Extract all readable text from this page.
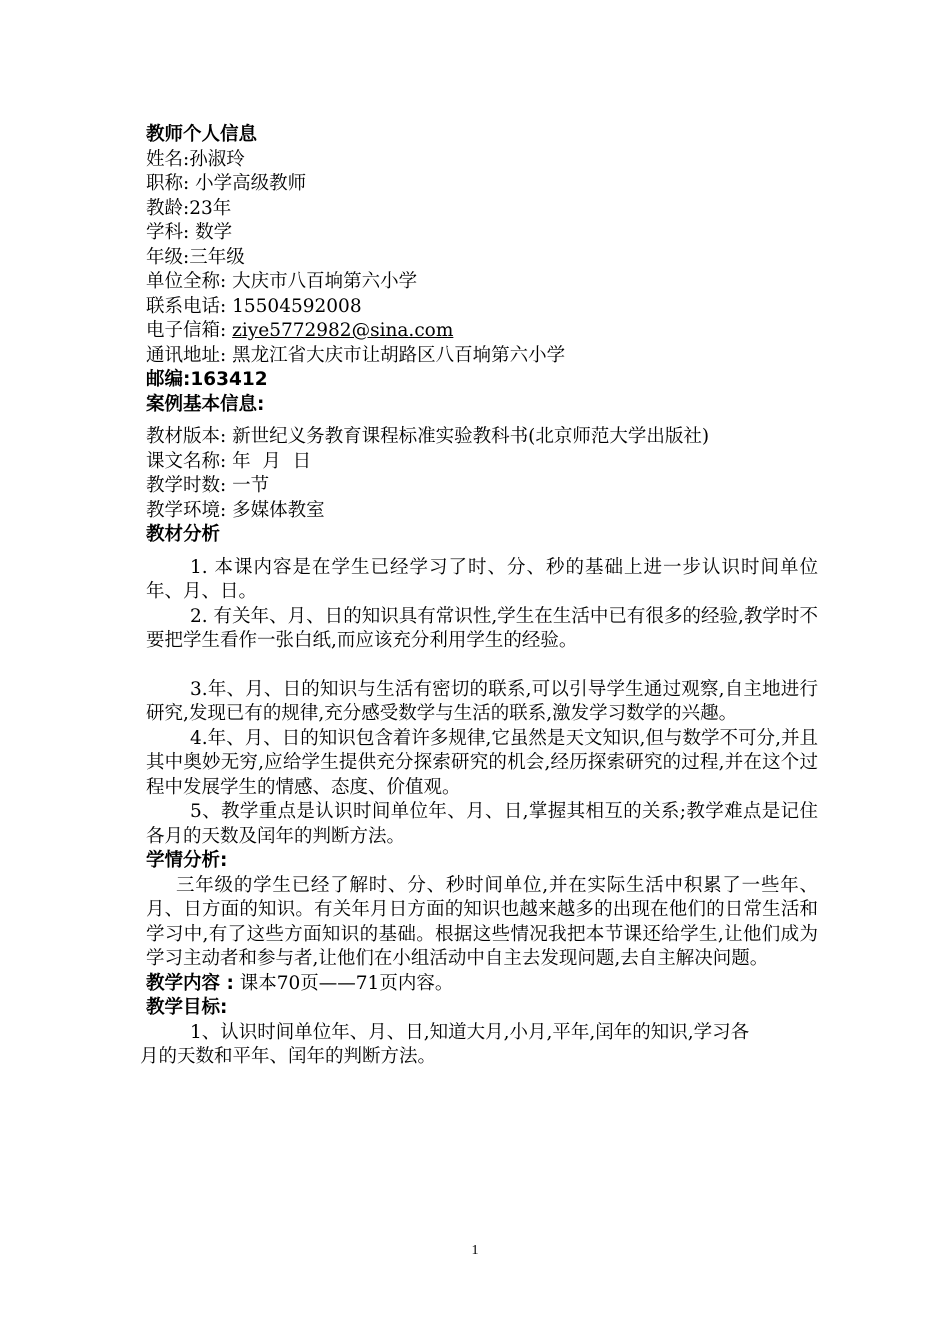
教师个人信息
姓名:孙淑玲
职称: 小学高级教师
教龄:23年
学科: 数学
年级:三年级
单位全称: 大庆市八百垧第六小学
联系电话: 15504592008
电子信箱: ziye5772982@sina.com
通讯地址: 黑龙江省大庆市让胡路区八百垧第六小学
邮编:163412
案例基本信息:
教材版本: 新世纪义务教育课程标准实验教科书(北京师范大学出版社)
课文名称: 年  月  日
教学时数: 一节
教学环境: 多媒体教室
教材分析
1. 本课内容是在学生已经学习了时、分、秒的基础上进一步认识时间单位年、月、日。
2. 有关年、月、日的知识具有常识性,学生在生活中已有很多的经验,教学时不要把学生看作一张白纸,而应该充分利用学生的经验。
3.年、月、日的知识与生活有密切的联系,可以引导学生通过观察,自主地进行研究,发现已有的规律,充分感受数学与生活的联系,激发学习数学的兴趣。
4.年、月、日的知识包含着许多规律,它虽然是天文知识,但与数学不可分,并且其中奥妙无穷,应给学生提供充分探索研究的机会,经历探索研究的过程,并在这个过程中发展学生的情感、态度、价值观。
5、教学重点是认识时间单位年、月、日,掌握其相互的关系;教学难点是记住各月的天数及闰年的判断方法。
学情分析:
三年级的学生已经了解时、分、秒时间单位,并在实际生活中积累了一些年、月、日方面的知识。有关年月日方面的知识也越来越多的出现在他们的日常生活和学习中,有了这些方面知识的基础。根据这些情况我把本节课还给学生,让他们成为学习主动者和参与者,让他们在小组活动中自主去发现问题,去自主解决问题。
教学内容 : 课本70页——71页内容。
教学目标:
1、认识时间单位年、月、日,知道大月,小月,平年,闰年的知识,学习各
月的天数和平年、闰年的判断方法。
1
